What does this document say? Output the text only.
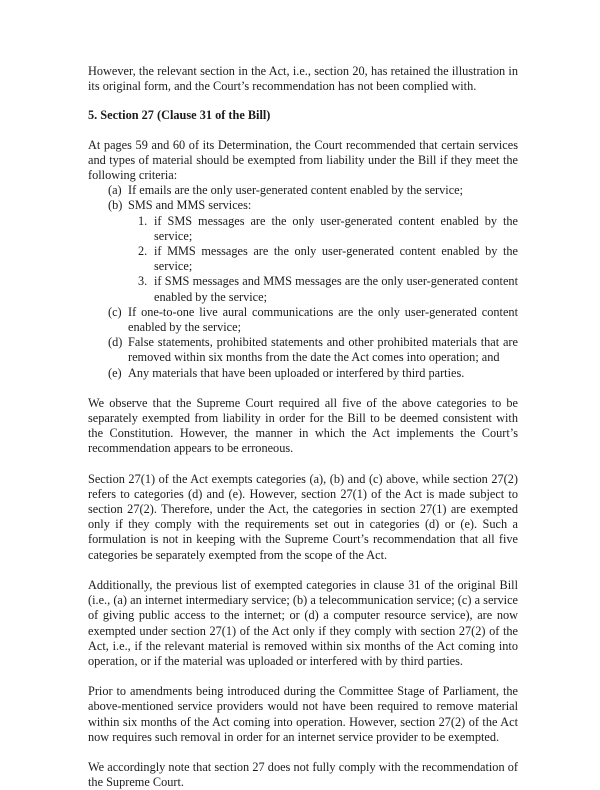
However, the relevant section in the Act, i.e., section 20, has retained the illustration in its original form, and the Court’s recommendation has not been complied with.

5. Section 27 (Clause 31 of the Bill)

At pages 59 and 60 of its Determination, the Court recommended that certain services and types of material should be exempted from liability under the Bill if they meet the following criteria:

(a) If emails are the only user-generated content enabled by the service;
(b) SMS and MMS services:
1. if SMS messages are the only user-generated content enabled by the service;
2. if MMS messages are the only user-generated content enabled by the service;
3. if SMS messages and MMS messages are the only user-generated content enabled by the service;
(c) If one-to-one live aural communications are the only user-generated content enabled by the service;
(d) False statements, prohibited statements and other prohibited materials that are removed within six months from the date the Act comes into operation; and
(e) Any materials that have been uploaded or interfered by third parties.

We observe that the Supreme Court required all five of the above categories to be separately exempted from liability in order for the Bill to be deemed consistent with the Constitution. However, the manner in which the Act implements the Court’s recommendation appears to be erroneous.

Section 27(1) of the Act exempts categories (a), (b) and (c) above, while section 27(2) refers to categories (d) and (e). However, section 27(1) of the Act is made subject to section 27(2). Therefore, under the Act, the categories in section 27(1) are exempted only if they comply with the requirements set out in categories (d) or (e). Such a formulation is not in keeping with the Supreme Court’s recommendation that all five categories be separately exempted from the scope of the Act.

Additionally, the previous list of exempted categories in clause 31 of the original Bill (i.e., (a) an internet intermediary service; (b) a telecommunication service; (c) a service of giving public access to the internet; or (d) a computer resource service), are now exempted under section 27(1) of the Act only if they comply with section 27(2) of the Act, i.e., if the relevant material is removed within six months of the Act coming into operation, or if the material was uploaded or interfered with by third parties.

Prior to amendments being introduced during the Committee Stage of Parliament, the above-mentioned service providers would not have been required to remove material within six months of the Act coming into operation. However, section 27(2) of the Act now requires such removal in order for an internet service provider to be exempted.

We accordingly note that section 27 does not fully comply with the recommendation of the Supreme Court.
